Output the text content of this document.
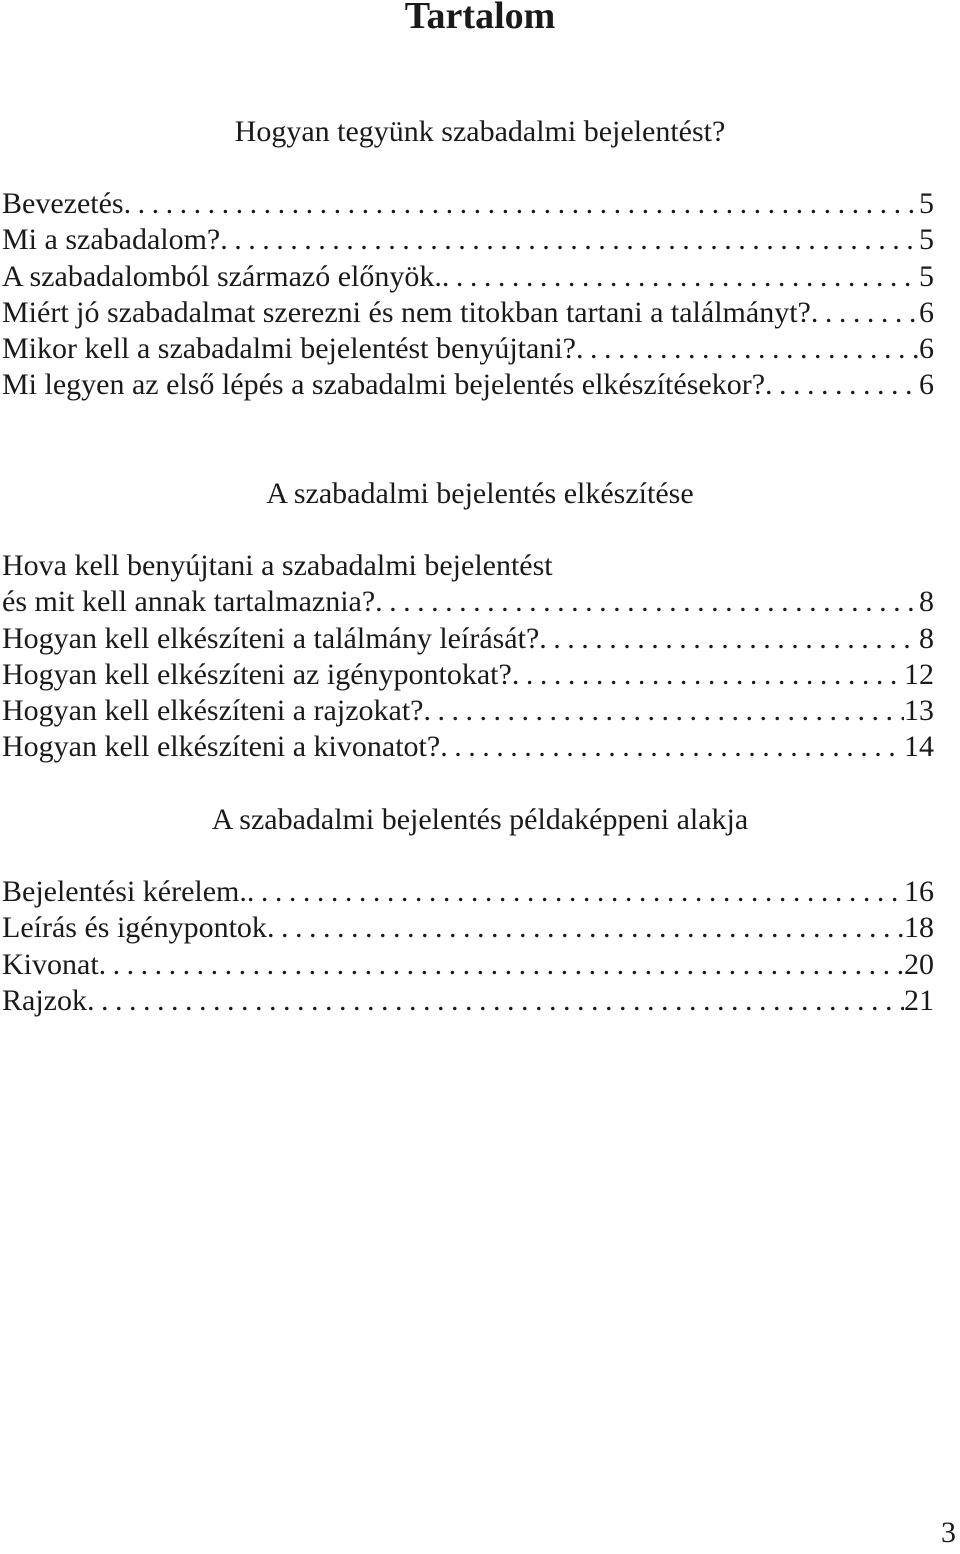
Tartalom
Hogyan tegyünk szabadalmi bejelentést?
Bevezetés . . .	5
Mi a szabadalom? . . .	5
A szabadalomból származó előnyök. . . .	5
Miért jó szabadalmat szerezni és nem titokban tartani a találmányt? . . .	6
Mikor kell a szabadalmi bejelentést benyújtani? . . .	6
Mi legyen az első lépés a szabadalmi bejelentés elkészítésekor? . . .	6
A szabadalmi bejelentés elkészítése
Hova kell benyújtani a szabadalmi bejelentést
és mit kell annak tartalmaznia? . . .	8
Hogyan kell elkészíteni a találmány leírását? . . .	8
Hogyan kell elkészíteni az igénypontokat? . . .	12
Hogyan kell elkészíteni a rajzokat? . . .	13
Hogyan kell elkészíteni a kivonatot? . . .	14
A szabadalmi bejelentés példaképpeni alakja
Bejelentési kérelem. . . .	16
Leírás és igénypontok . . .	18
Kivonat . . .	20
Rajzok . . .	21
3
